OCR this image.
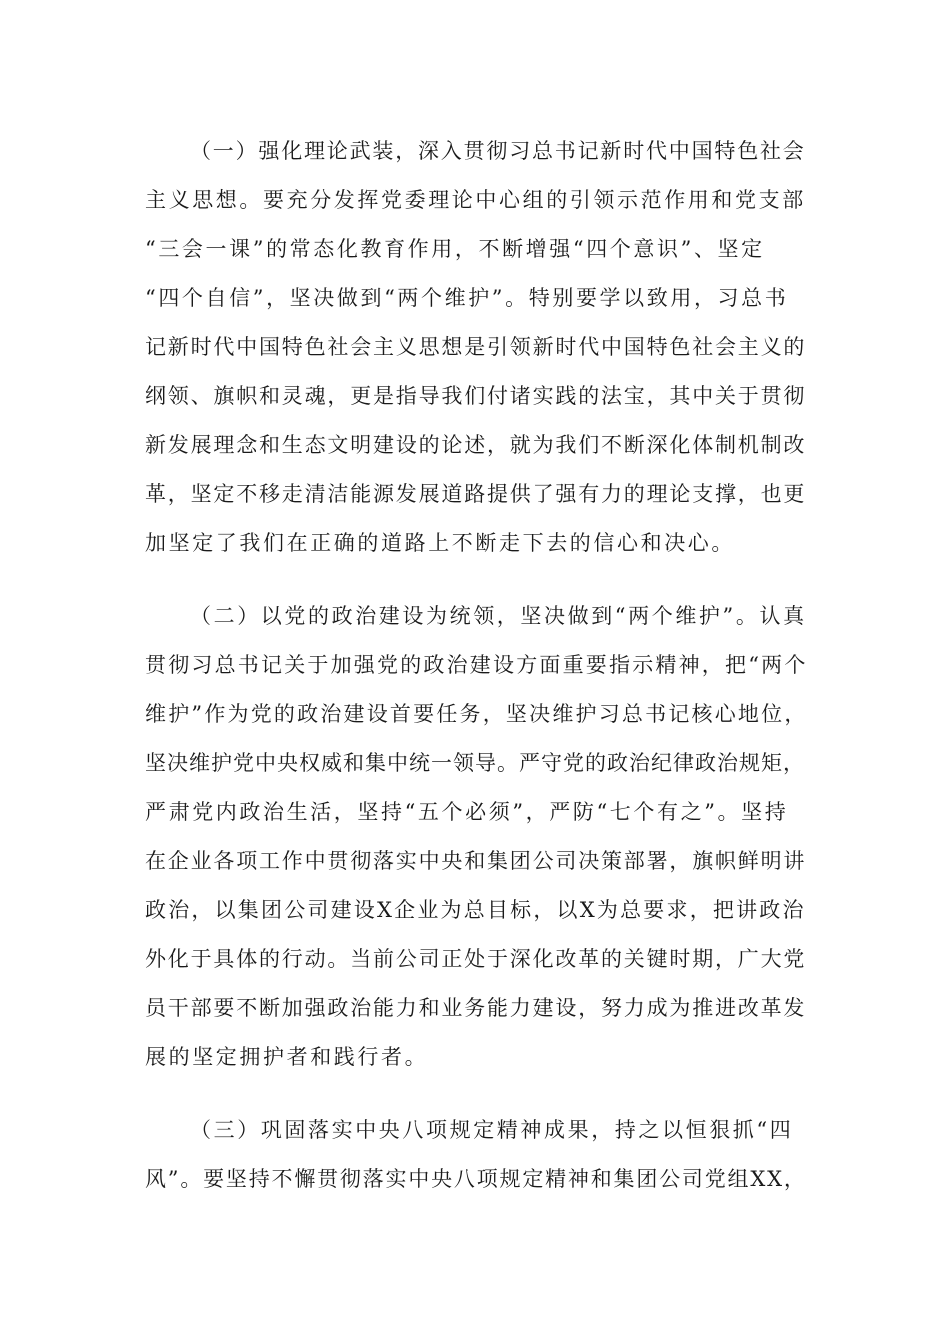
（一）强化理论武装，深入贯彻习总书记新时代中国特色社会
主义思想。要充分发挥党委理论中心组的引领示范作用和党支部
“三会一课”的常态化教育作用，不断增强“四个意识”、坚定
“四个自信”，坚决做到“两个维护”。特别要学以致用，习总书
记新时代中国特色社会主义思想是引领新时代中国特色社会主义的
纲领、旗帜和灵魂，更是指导我们付诸实践的法宝，其中关于贯彻
新发展理念和生态文明建设的论述，就为我们不断深化体制机制改
革，坚定不移走清洁能源发展道路提供了强有力的理论支撑，也更
加坚定了我们在正确的道路上不断走下去的信心和决心。
（二）以党的政治建设为统领，坚决做到“两个维护”。认真
贯彻习总书记关于加强党的政治建设方面重要指示精神，把“两个
维护”作为党的政治建设首要任务，坚决维护习总书记核心地位，
坚决维护党中央权威和集中统一领导。严守党的政治纪律政治规矩，
严肃党内政治生活，坚持“五个必须”，严防“七个有之”。坚持
在企业各项工作中贯彻落实中央和集团公司决策部署，旗帜鲜明讲
政治，以集团公司建设X企业为总目标，以X为总要求，把讲政治
外化于具体的行动。当前公司正处于深化改革的关键时期，广大党
员干部要不断加强政治能力和业务能力建设，努力成为推进改革发
展的坚定拥护者和践行者。
（三）巩固落实中央八项规定精神成果，持之以恒狠抓“四
风”。要坚持不懈贯彻落实中央八项规定精神和集团公司党组XX，
